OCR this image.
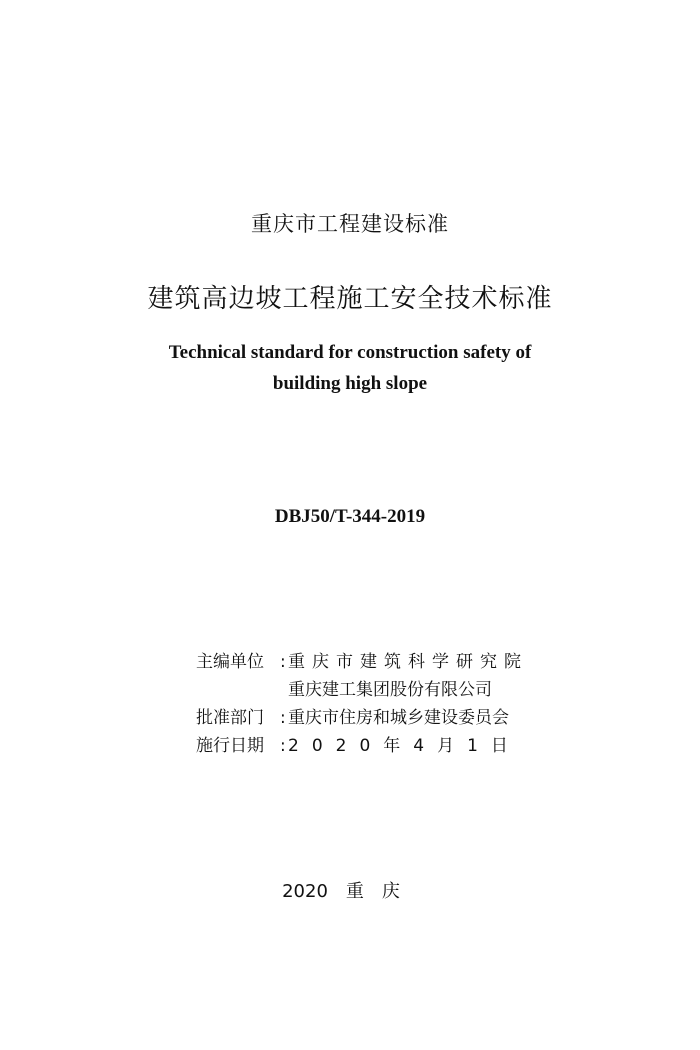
重庆市工程建设标准
建筑高边坡工程施工安全技术标准
Technical standard for construction safety of
building high slope
DBJ50/T-344-2019
主编单位 : 重庆市建筑科学研究院
重庆建工集团股份有限公司
批准部门 : 重庆市住房和城乡建设委员会
施行日期 : 2020年4月1日
2020 重庆
